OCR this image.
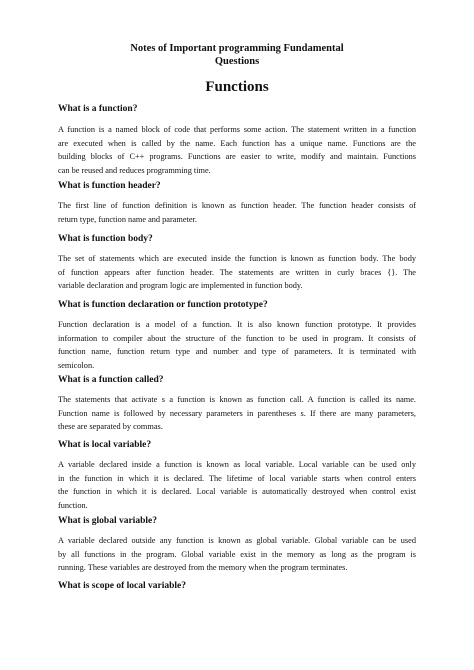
Notes of Important programming Fundamental
Questions
Functions
What is a function?
A function is a named block of code that performs some action. The statement written in a function
are executed when is called by the name. Each function has a unique name. Functions are the
building blocks of C++ programs. Functions are easier to write, modify and maintain. Functions
can be reused and reduces programming time.
What is function header?
The first line of function definition is known as function header. The function header consists of
return type, function name and parameter.
What is function body?
The set of statements which are executed inside the function is known as function body. The body
of function appears after function header. The statements are written in curly braces {}. The
variable declaration and program logic are implemented in function body.
What is function declaration or function prototype?
Function declaration is a model of a function. It is also known function prototype. It provides
information to compiler about the structure of the function to be used in program. It consists of
function name, function return type and number and type of parameters. It is terminated with
semicolon.
What is a function called?
The statements that activate s a function is known as function call. A function is called its name.
Function name is followed by necessary parameters in parentheses s. If there are many parameters,
these are separated by commas.
What is local variable?
A variable declared inside a function is known as local variable. Local variable can be used only
in the function in which it is declared. The lifetime of local variable starts when control enters
the function in which it is declared. Local variable is automatically destroyed when control exist
function.
What is global variable?
A variable declared outside any function is known as global variable. Global variable can be used
by all functions in the program. Global variable exist in the memory as long as the program is
running. These variables are destroyed from the memory when the program terminates.
What is scope of local variable?
